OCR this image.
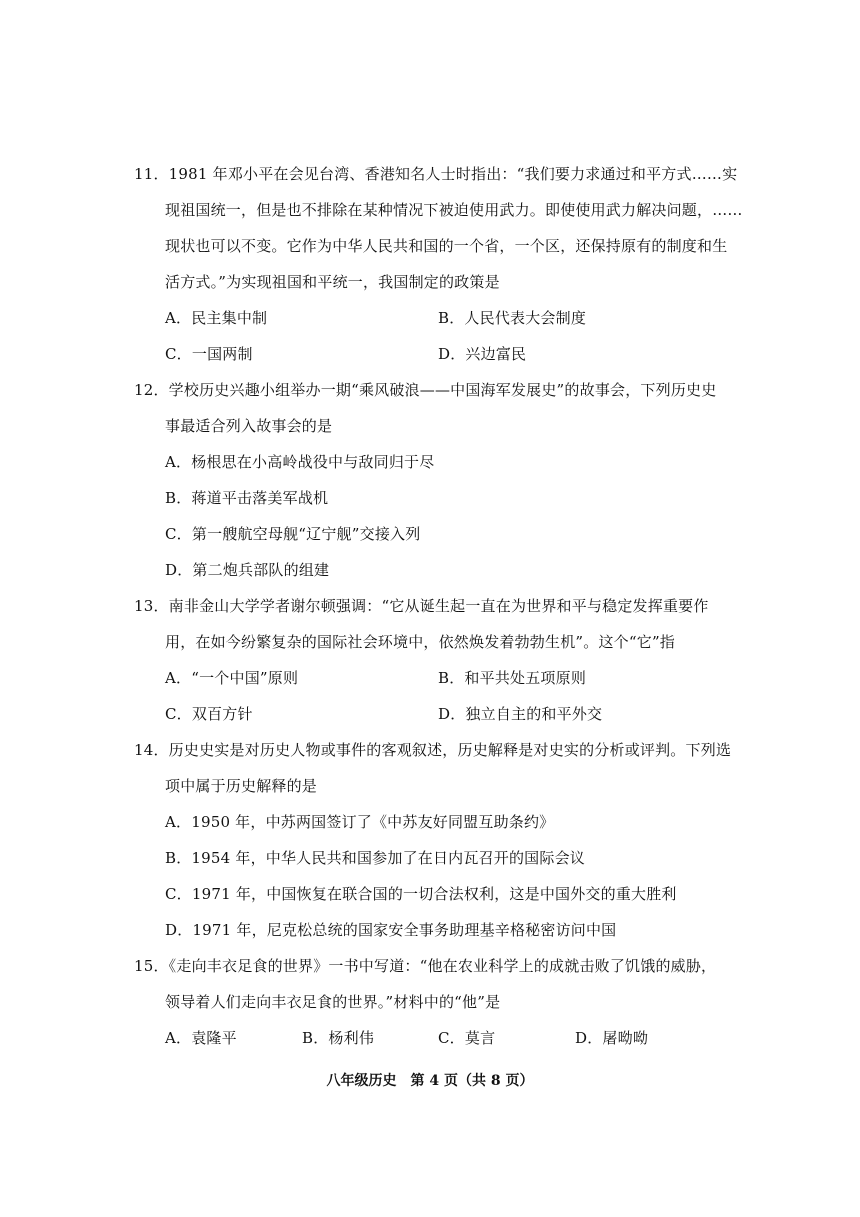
11．1981 年邓小平在会见台湾、香港知名人士时指出：“我们要力求通过和平方式……实
现祖国统一，但是也不排除在某种情况下被迫使用武力。即使使用武力解决问题，……
现状也可以不变。它作为中华人民共和国的一个省，一个区，还保持原有的制度和生
活方式。”为实现祖国和平统一，我国制定的政策是
A．民主集中制	B．人民代表大会制度
C．一国两制	D．兴边富民
12．学校历史兴趣小组举办一期“乘风破浪——中国海军发展史”的故事会，下列历史史
事最适合列入故事会的是
A．杨根思在小高岭战役中与敌同归于尽
B．蒋道平击落美军战机
C．第一艘航空母舰“辽宁舰”交接入列
D．第二炮兵部队的组建
13．南非金山大学学者谢尔顿强调：“它从诞生起一直在为世界和平与稳定发挥重要作
用，在如今纷繁复杂的国际社会环境中，依然焕发着勃勃生机”。这个“它”指
A．“一个中国”原则	B．和平共处五项原则
C．双百方针	D．独立自主的和平外交
14．历史史实是对历史人物或事件的客观叙述，历史解释是对史实的分析或评判。下列选
项中属于历史解释的是
A．1950 年，中苏两国签订了《中苏友好同盟互助条约》
B．1954 年，中华人民共和国参加了在日内瓦召开的国际会议
C．1971 年，中国恢复在联合国的一切合法权利，这是中国外交的重大胜利
D．1971 年，尼克松总统的国家安全事务助理基辛格秘密访问中国
15．《走向丰衣足食的世界》一书中写道：“他在农业科学上的成就击败了饥饿的威胁，
领导着人们走向丰衣足食的世界。”材料中的“他”是
A．袁隆平	B．杨利伟	C．莫言	D．屠呦呦
八年级历史　第 4 页（共 8 页）
